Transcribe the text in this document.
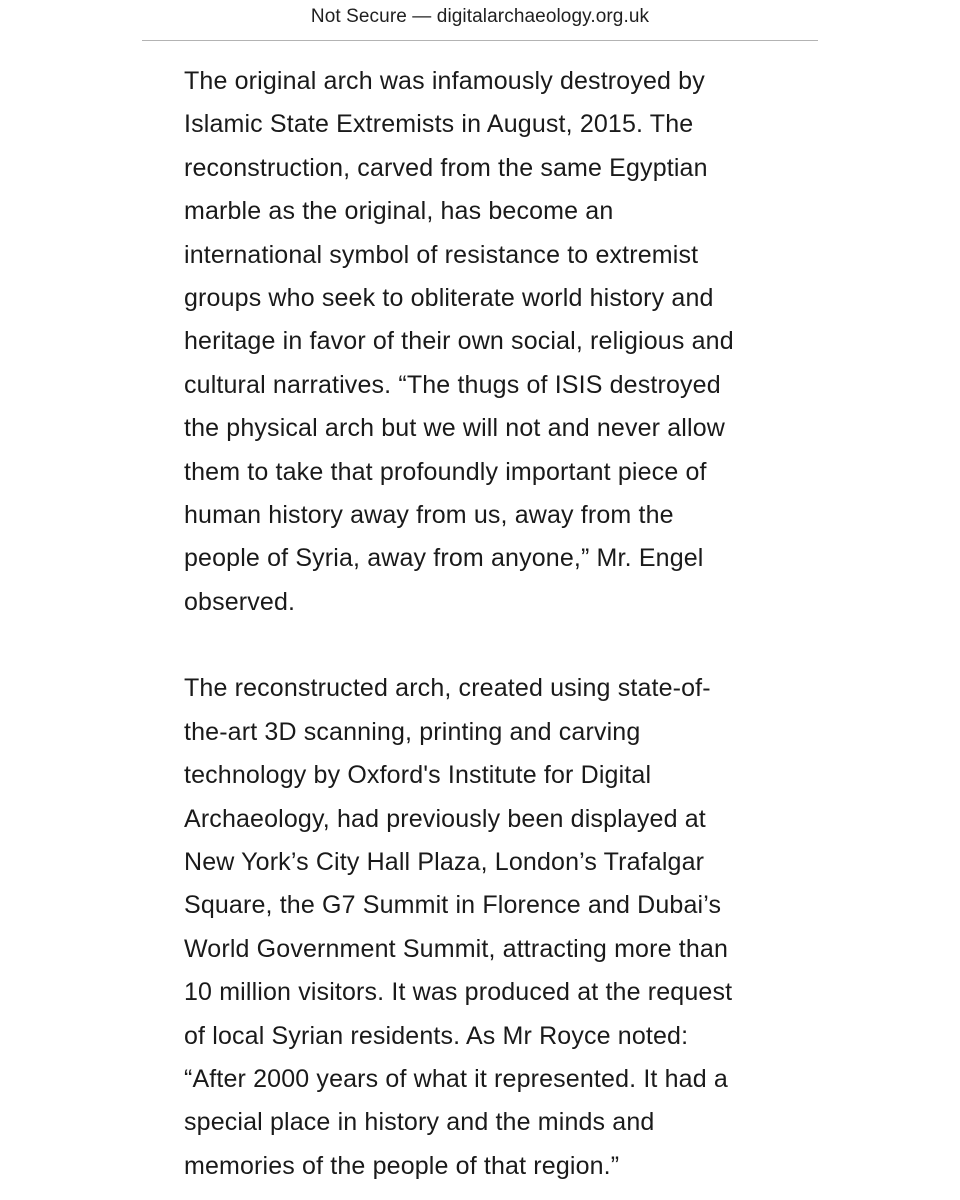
Not Secure — digitalarchaeology.org.uk

The original arch was infamously destroyed by
Islamic State Extremists in August, 2015. The
reconstruction, carved from the same Egyptian
marble as the original, has become an
international symbol of resistance to extremist
groups who seek to obliterate world history and
heritage in favor of their own social, religious and
cultural narratives. “The thugs of ISIS destroyed
the physical arch but we will not and never allow
them to take that profoundly important piece of
human history away from us, away from the
people of Syria, away from anyone,” Mr. Engel
observed.

The reconstructed arch, created using state-of-
the-art 3D scanning, printing and carving
technology by Oxford's Institute for Digital
Archaeology, had previously been displayed at
New York’s City Hall Plaza, London’s Trafalgar
Square, the G7 Summit in Florence and Dubai’s
World Government Summit, attracting more than
10 million visitors. It was produced at the request
of local Syrian residents. As Mr Royce noted:
“After 2000 years of what it represented. It had a
special place in history and the minds and
memories of the people of that region.”
